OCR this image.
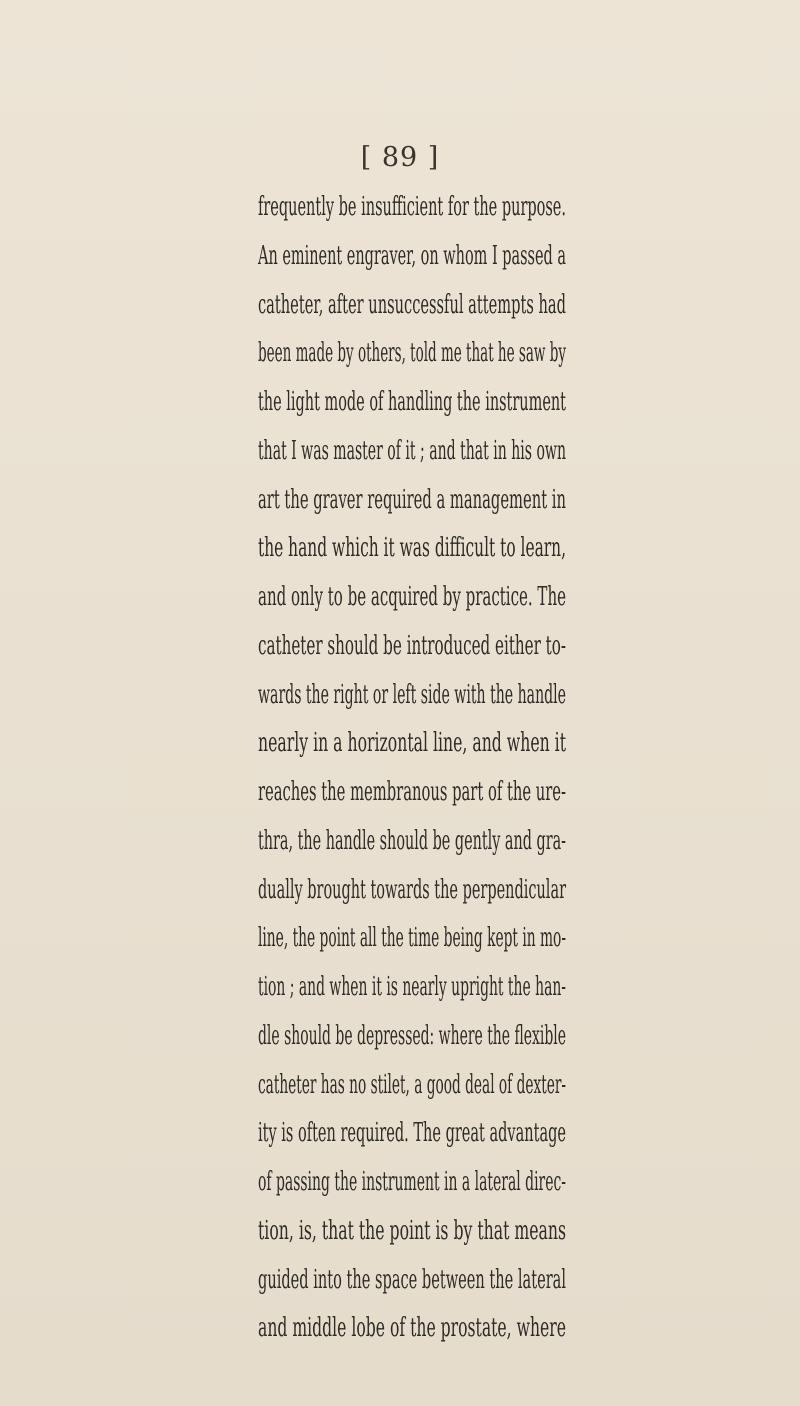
[ 89 ]
frequently be insufficient for the purpose.
An eminent engraver, on whom I passed a
catheter, after unsuccessful attempts had
been made by others, told me that he saw by
the light mode of handling the instrument
that I was master of it ; and that in his own
art the graver required a management in
the hand which it was difficult to learn,
and only to be acquired by practice. The
catheter should be introduced either to-
wards the right or left side with the handle
nearly in a horizontal line, and when it
reaches the membranous part of the ure-
thra, the handle should be gently and gra-
dually brought towards the perpendicular
line, the point all the time being kept in mo-
tion ; and when it is nearly upright the han-
dle should be depressed: where the flexible
catheter has no stilet, a good deal of dexter-
ity is often required. The great advantage
of passing the instrument in a lateral direc-
tion, is, that the point is by that means
guided into the space between the lateral
and middle lobe of the prostate, where
